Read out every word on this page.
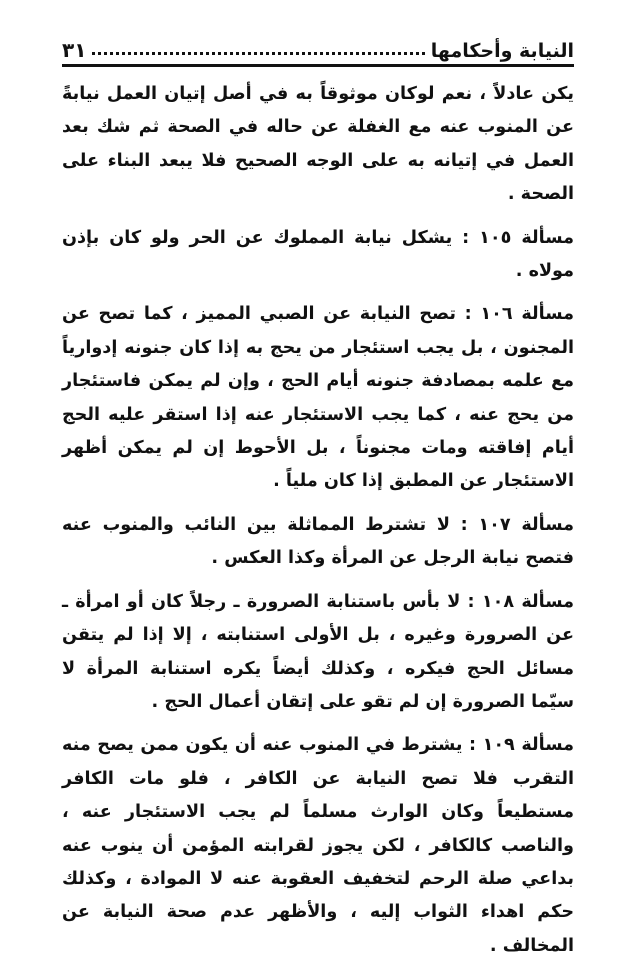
النيابة وأحكامها
٣١

يكن عادلاً ، نعم لوكان موثوقاً به في أصل إتيان العمل نيابةً عن المنوب عنه مع الغفلة عن حاله في الصحة ثم شك بعد العمل في إتيانه به على الوجه الصحيح فلا يبعد البناء على الصحة .

مسألة ١٠٥ : يشكل نيابة المملوك عن الحر ولو كان بإذن مولاه .

مسألة ١٠٦ : تصح النيابة عن الصبي المميز ، كما تصح عن المجنون ، بل يجب استئجار من يحج به إذا كان جنونه إدوارياً مع علمه بمصادفة جنونه أيام الحج ، وإن لم يمكن فاستئجار من يحج عنه ، كما يجب الاستئجار عنه إذا استقر عليه الحج أيام إفاقته ومات مجنوناً ، بل الأحوط إن لم يمكن أظهر الاستئجار عن المطبق إذا كان ملياً .

مسألة ١٠٧ : لا تشترط المماثلة بين النائب والمنوب عنه فتصح نيابة الرجل عن المرأة وكذا العكس .

مسألة ١٠٨ : لا بأس باستنابة الصرورة ـ رجلاً كان أو امرأة ـ عن الصرورة وغيره ، بل الأولى استنابته ، إلا إذا لم يتقن مسائل الحج فيكره ، وكذلك أيضاً يكره استنابة المرأة لا سيّما الصرورة إن لم تقو على إتقان أعمال الحج .

مسألة ١٠٩ : يشترط في المنوب عنه أن يكون ممن يصح منه التقرب فلا تصح النيابة عن الكافر ، فلو مات الكافر مستطيعاً وكان الوارث مسلماً لم يجب الاستئجار عنه ، والناصب كالكافر ، لكن يجوز لقرابته المؤمن أن ينوب عنه بداعي صلة الرحم لتخفيف العقوبة عنه لا الموادة ، وكذلك حكم اهداء الثواب إليه ، والأظهر عدم صحة النيابة عن المخالف .
